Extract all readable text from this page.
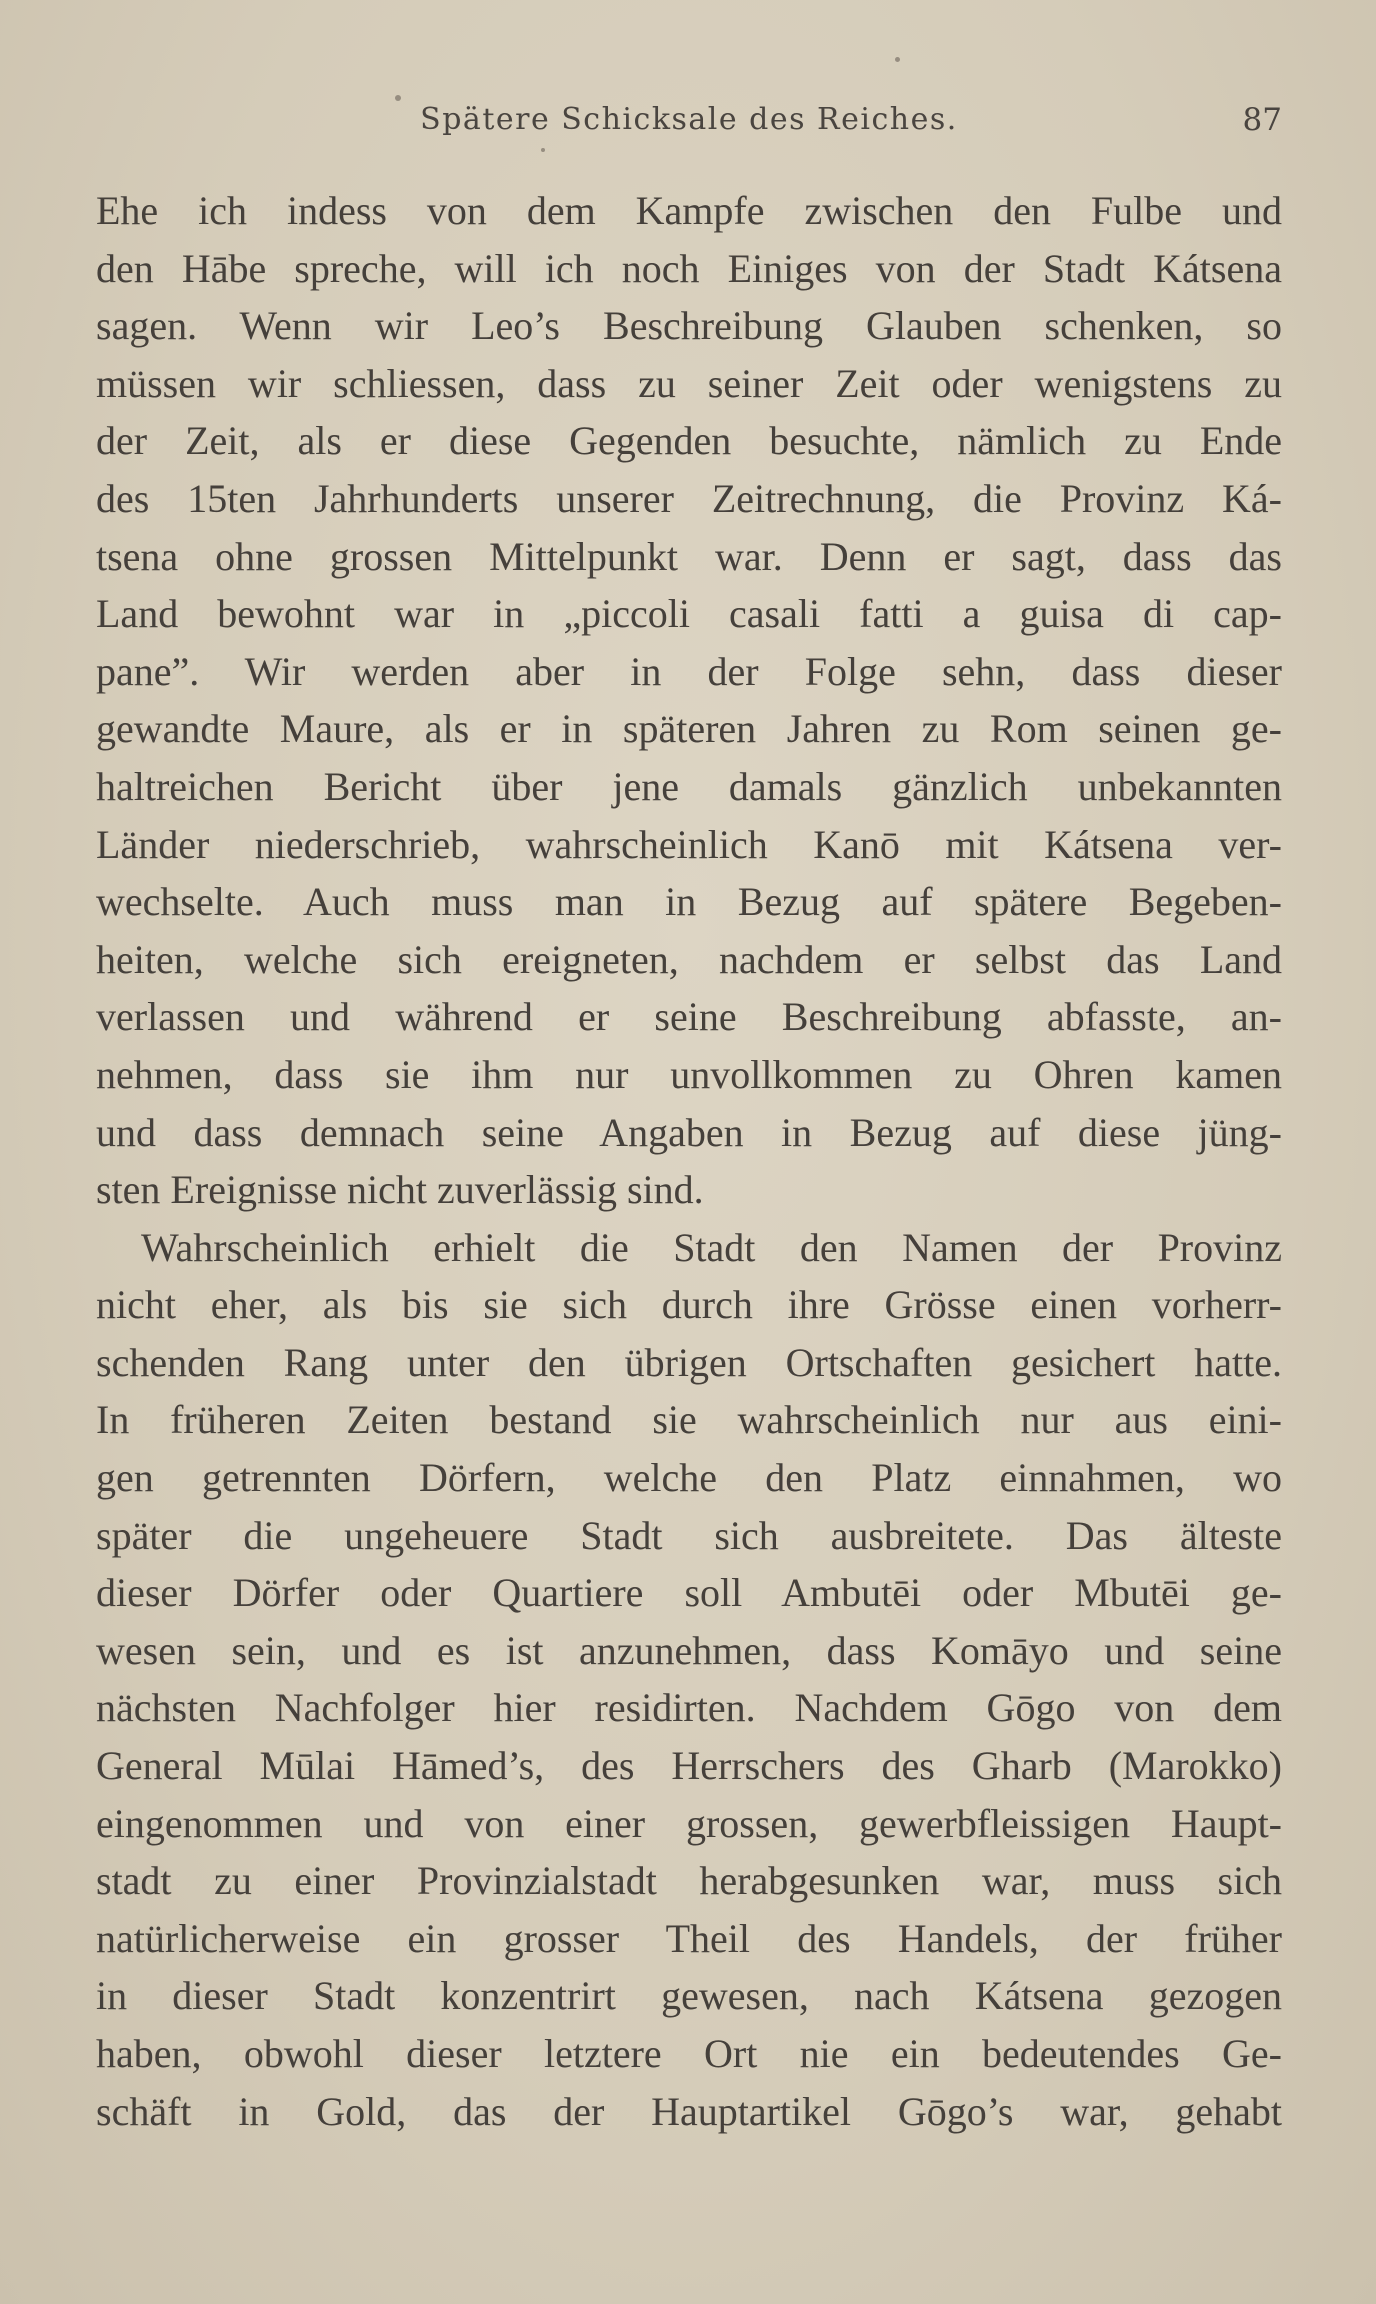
Spätere Schicksale des Reiches.	87
Ehe ich indess von dem Kampfe zwischen den Fulbe und
den Hābe spreche, will ich noch Einiges von der Stadt Kátsena
sagen. Wenn wir Leo’s Beschreibung Glauben schenken, so
müssen wir schliessen, dass zu seiner Zeit oder wenigstens zu
der Zeit, als er diese Gegenden besuchte, nämlich zu Ende
des 15ten Jahrhunderts unserer Zeitrechnung, die Provinz Ká-
tsena ohne grossen Mittelpunkt war. Denn er sagt, dass das
Land bewohnt war in „piccoli casali fatti a guisa di cap-
pane”. Wir werden aber in der Folge sehn, dass dieser
gewandte Maure, als er in späteren Jahren zu Rom seinen ge-
haltreichen Bericht über jene damals gänzlich unbekannten
Länder niederschrieb, wahrscheinlich Kanō mit Kátsena ver-
wechselte. Auch muss man in Bezug auf spätere Begeben-
heiten, welche sich ereigneten, nachdem er selbst das Land
verlassen und während er seine Beschreibung abfasste, an-
nehmen, dass sie ihm nur unvollkommen zu Ohren kamen
und dass demnach seine Angaben in Bezug auf diese jüng-
sten Ereignisse nicht zuverlässig sind.
Wahrscheinlich erhielt die Stadt den Namen der Provinz
nicht eher, als bis sie sich durch ihre Grösse einen vorherr-
schenden Rang unter den übrigen Ortschaften gesichert hatte.
In früheren Zeiten bestand sie wahrscheinlich nur aus eini-
gen getrennten Dörfern, welche den Platz einnahmen, wo
später die ungeheuere Stadt sich ausbreitete. Das älteste
dieser Dörfer oder Quartiere soll Ambutēi oder Mbutēi ge-
wesen sein, und es ist anzunehmen, dass Komāyo und seine
nächsten Nachfolger hier residirten. Nachdem Gōgo von dem
General Mūlai Hāmed’s, des Herrschers des Gharb (Marokko)
eingenommen und von einer grossen, gewerbfleissigen Haupt-
stadt zu einer Provinzialstadt herabgesunken war, muss sich
natürlicherweise ein grosser Theil des Handels, der früher
in dieser Stadt konzentrirt gewesen, nach Kátsena gezogen
haben, obwohl dieser letztere Ort nie ein bedeutendes Ge-
schäft in Gold, das der Hauptartikel Gōgo’s war, gehabt
